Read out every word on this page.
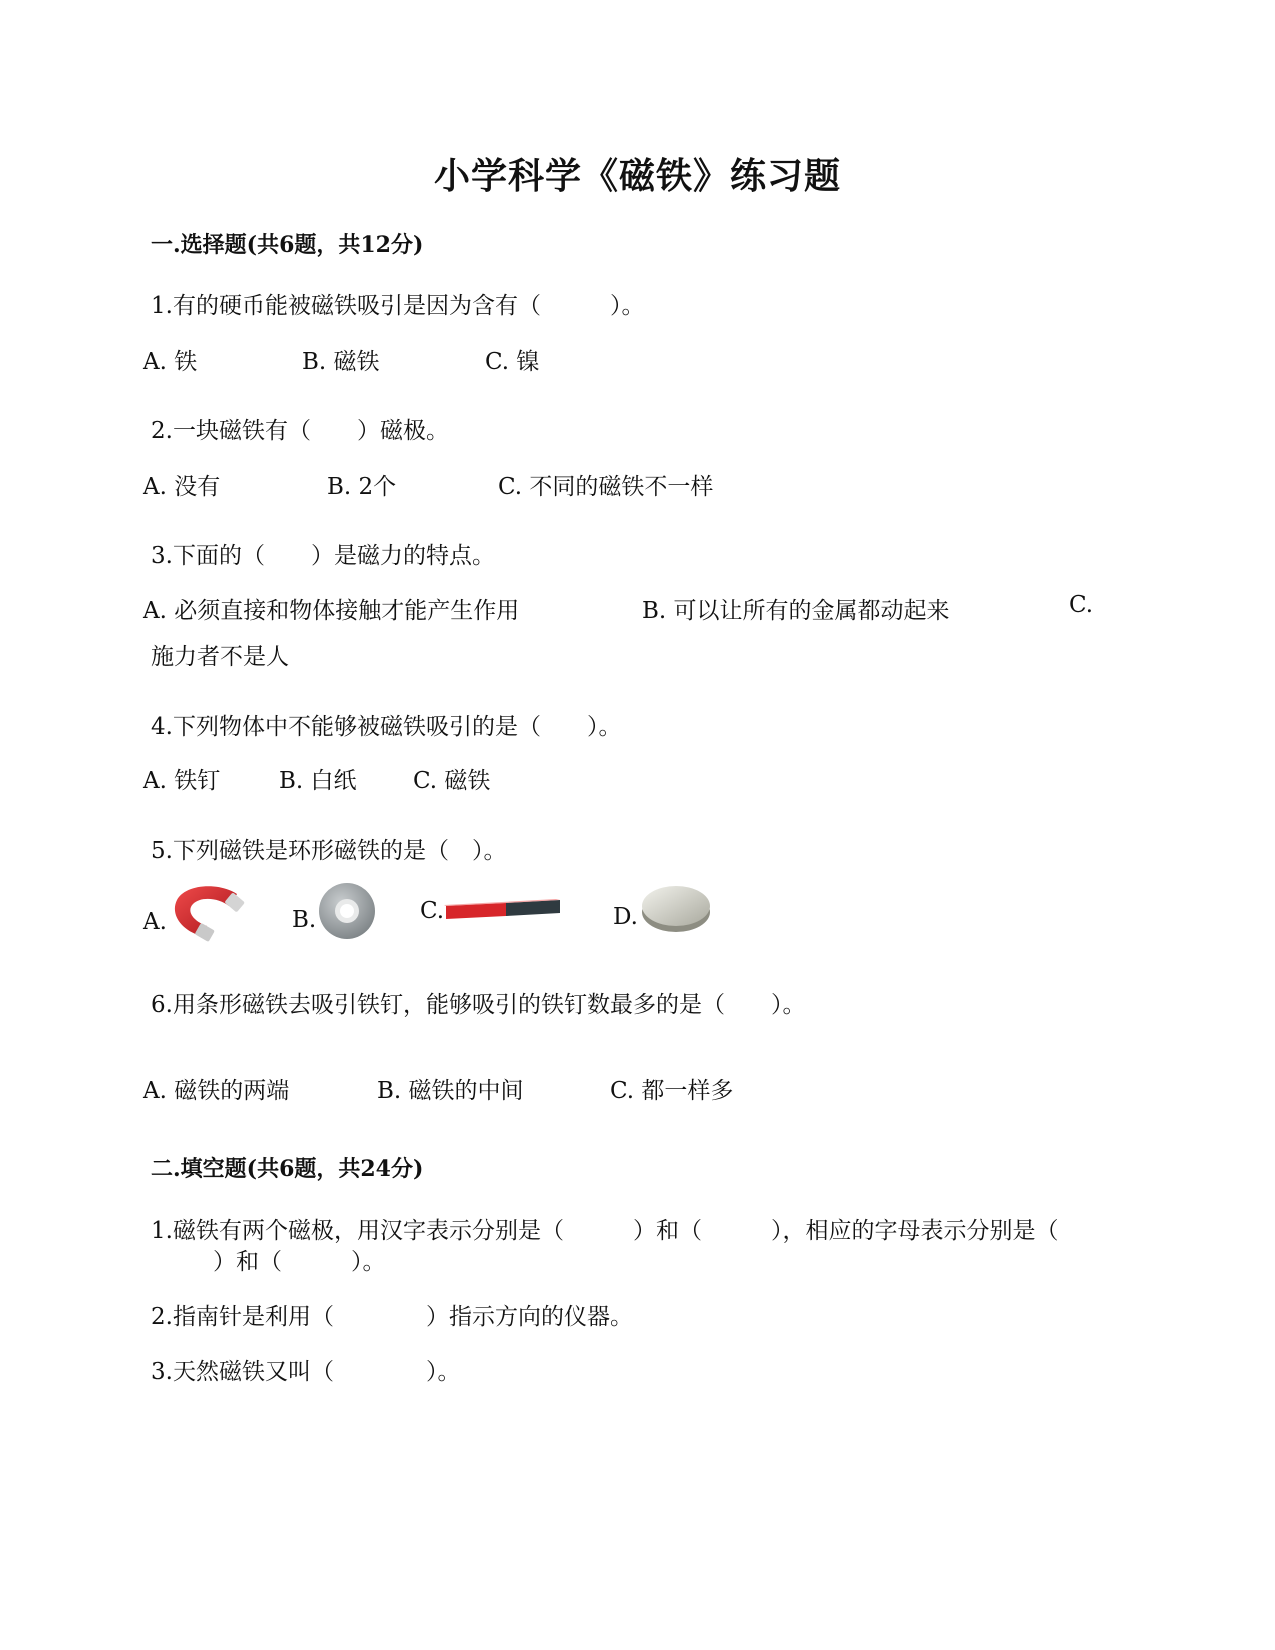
小学科学《磁铁》练习题
一.选择题(共6题，共12分)
1.有的硬币能被磁铁吸引是因为含有（　　　）。
A. 铁	B. 磁铁	C. 镍
2.一块磁铁有（　　）磁极。
A. 没有	B. 2个	C. 不同的磁铁不一样
3.下面的（　　）是磁力的特点。
A. 必须直接和物体接触才能产生作用	B. 可以让所有的金属都动起来	C.
施力者不是人
4.下列物体中不能够被磁铁吸引的是（　　）。
A. 铁钉	B. 白纸 C. 磁铁
5.下列磁铁是环形磁铁的是（　）。
A.	B.	C.	D.
6.用条形磁铁去吸引铁钉，能够吸引的铁钉数最多的是（　　）。
A. 磁铁的两端	B. 磁铁的中间	C. 都一样多
二.填空题(共6题，共24分)
1.磁铁有两个磁极，用汉字表示分别是（　　　）和（　　　），相应的字母表示分别是（
）和（　　　）。
2.指南针是利用（　　　　）指示方向的仪器。
3.天然磁铁又叫（　　　　）。
